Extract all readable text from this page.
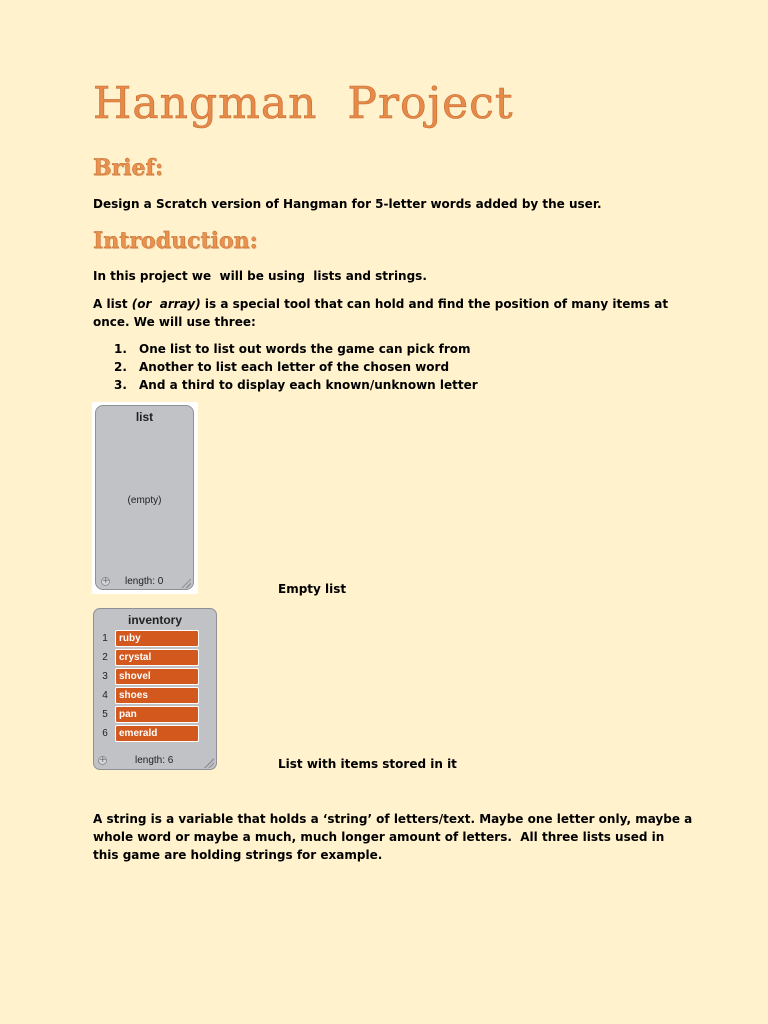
Hangman  Project
Brief:
Design a Scratch version of Hangman for 5-letter words added by the user.
Introduction:
In this project we  will be using  lists and strings.
A list (or  array) is a special tool that can hold and find the position of many items at once. We will use three:
1.	One list to list out words the game can pick from
2.	Another to list each letter of the chosen word
3.	And a third to display each known/unknown letter
list
(empty)
+ length: 0
Empty list
inventory
1	ruby
2	crystal
3	shovel
4	shoes
5	pan
6	emerald
+	length: 6	List with items stored in it
A string is a variable that holds a ‘string’ of letters/text. Maybe one letter only, maybe a whole word or maybe a much, much longer amount of letters.  All three lists used in this game are holding strings for example.
